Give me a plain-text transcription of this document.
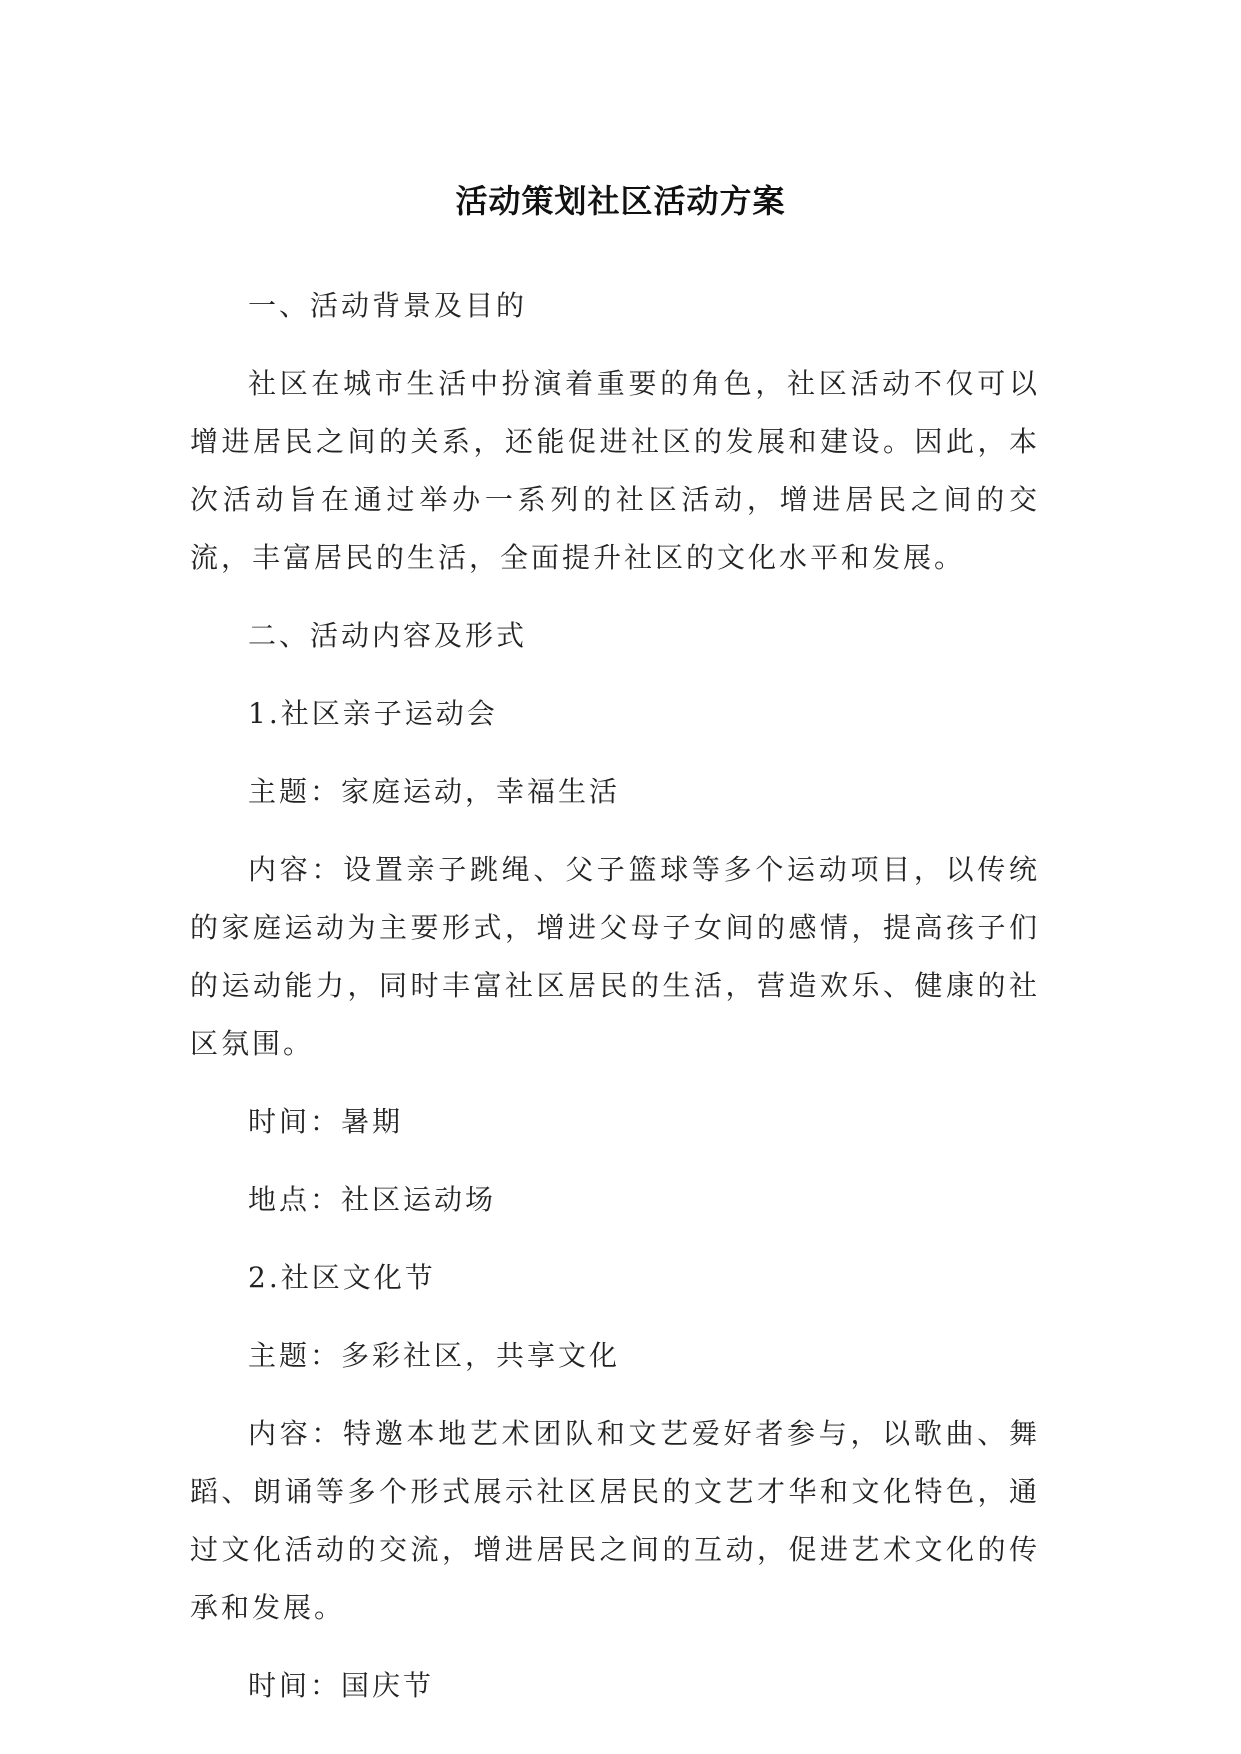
活动策划社区活动方案

一、活动背景及目的

社区在城市生活中扮演着重要的角色，社区活动不仅可以增进居民之间的关系，还能促进社区的发展和建设。因此，本次活动旨在通过举办一系列的社区活动，增进居民之间的交流，丰富居民的生活，全面提升社区的文化水平和发展。

二、活动内容及形式

1.社区亲子运动会

主题：家庭运动，幸福生活

内容：设置亲子跳绳、父子篮球等多个运动项目，以传统的家庭运动为主要形式，增进父母子女间的感情，提高孩子们的运动能力，同时丰富社区居民的生活，营造欢乐、健康的社区氛围。

时间：暑期

地点：社区运动场

2.社区文化节

主题：多彩社区，共享文化

内容：特邀本地艺术团队和文艺爱好者参与，以歌曲、舞蹈、朗诵等多个形式展示社区居民的文艺才华和文化特色，通过文化活动的交流，增进居民之间的互动，促进艺术文化的传承和发展。

时间：国庆节
